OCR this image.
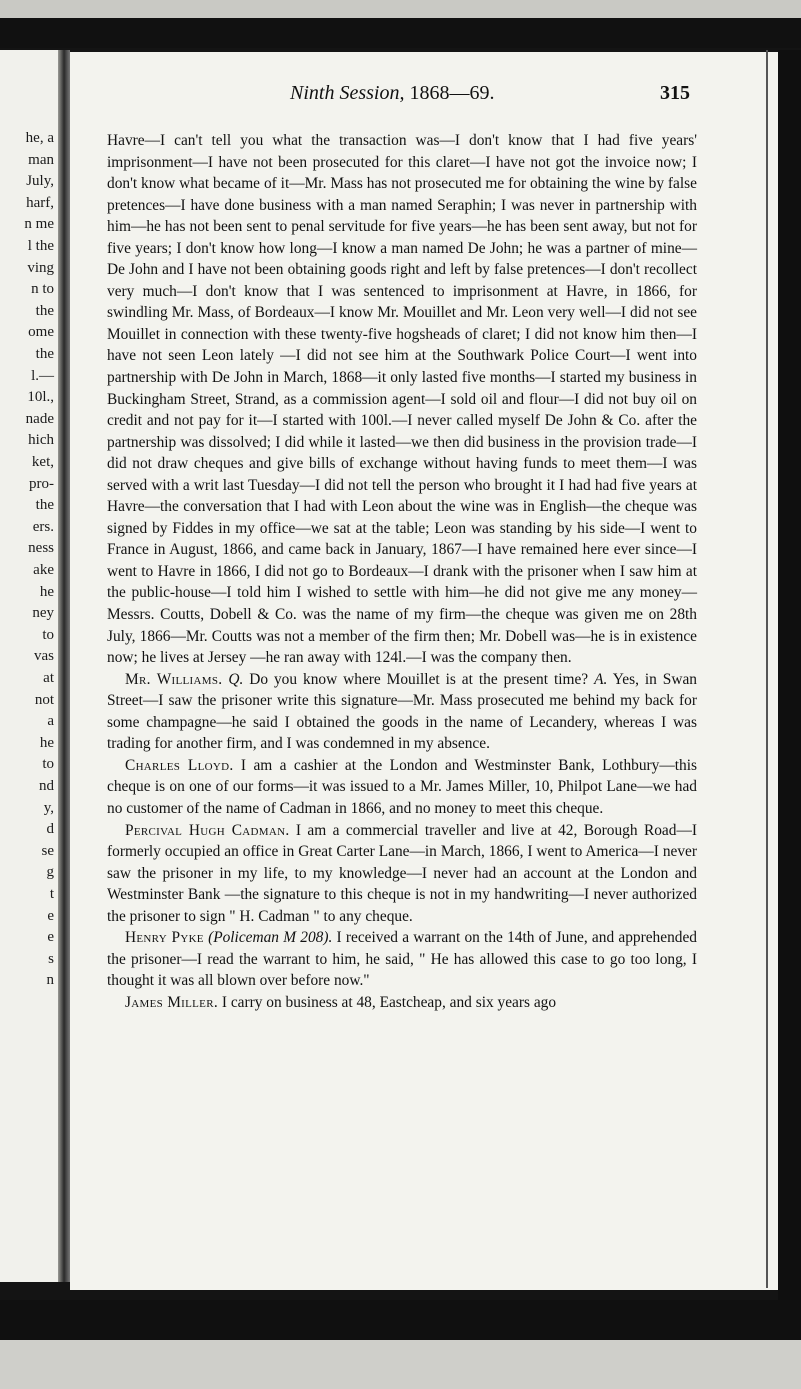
he, a
man
July,
harf,
n me
l the
ving
n to
the
ome
the
l.—
10l.,
nade
hich
ket,
pro-
the
ers.
ness
ake
he
ney
to
vas
at
not
a
he
to
nd
y,
d
se
g
t
e
e
s
n
Ninth Session, 1868—69.	315

Havre—I can't tell you what the transaction was—I don't know that I had five years' imprisonment—I have not been prosecuted for this claret—I have not got the invoice now; I don't know what became of it—Mr. Mass has not prosecuted me for obtaining the wine by false pretences—I have done business with a man named Seraphin; I was never in partnership with him—he has not been sent to penal servitude for five years—he has been sent away, but not for five years; I don't know how long—I know a man named De John; he was a partner of mine—De John and I have not been obtaining goods right and left by false pretences—I don't recollect very much—I don't know that I was sentenced to imprisonment at Havre, in 1866, for swindling Mr. Mass, of Bordeaux—I know Mr. Mouillet and Mr. Leon very well—I did not see Mouillet in connection with these twenty-five hogsheads of claret; I did not know him then—I have not seen Leon lately —I did not see him at the Southwark Police Court—I went into partnership with De John in March, 1868—it only lasted five months—I started my business in Buckingham Street, Strand, as a commission agent—I sold oil and flour—I did not buy oil on credit and not pay for it—I started with 100l.—I never called myself De John & Co. after the partnership was dissolved; I did while it lasted—we then did business in the provision trade—I did not draw cheques and give bills of exchange without having funds to meet them—I was served with a writ last Tuesday—I did not tell the person who brought it I had had five years at Havre—the conversation that I had with Leon about the wine was in English—the cheque was signed by Fiddes in my office—we sat at the table; Leon was standing by his side—I went to France in August, 1866, and came back in January, 1867—I have remained here ever since—I went to Havre in 1866, I did not go to Bordeaux—I drank with the prisoner when I saw him at the public-house—I told him I wished to settle with him—he did not give me any money—Messrs. Coutts, Dobell & Co. was the name of my firm—the cheque was given me on 28th July, 1866—Mr. Coutts was not a member of the firm then; Mr. Dobell was—he is in existence now; he lives at Jersey —he ran away with 124l.—I was the company then.

Mr. Williams. Q. Do you know where Mouillet is at the present time? A. Yes, in Swan Street—I saw the prisoner write this signature—Mr. Mass prosecuted me behind my back for some champagne—he said I obtained the goods in the name of Lecandery, whereas I was trading for another firm, and I was condemned in my absence.

Charles Lloyd. I am a cashier at the London and Westminster Bank, Lothbury—this cheque is on one of our forms—it was issued to a Mr. James Miller, 10, Philpot Lane—we had no customer of the name of Cadman in 1866, and no money to meet this cheque.

Percival Hugh Cadman. I am a commercial traveller and live at 42, Borough Road—I formerly occupied an office in Great Carter Lane—in March, 1866, I went to America—I never saw the prisoner in my life, to my knowledge—I never had an account at the London and Westminster Bank —the signature to this cheque is not in my handwriting—I never authorized the prisoner to sign " H. Cadman " to any cheque.

Henry Pyke (Policeman M 208). I received a warrant on the 14th of June, and apprehended the prisoner—I read the warrant to him, he said, " He has allowed this case to go too long, I thought it was all blown over before now."

James Miller. I carry on business at 48, Eastcheap, and six years ago
